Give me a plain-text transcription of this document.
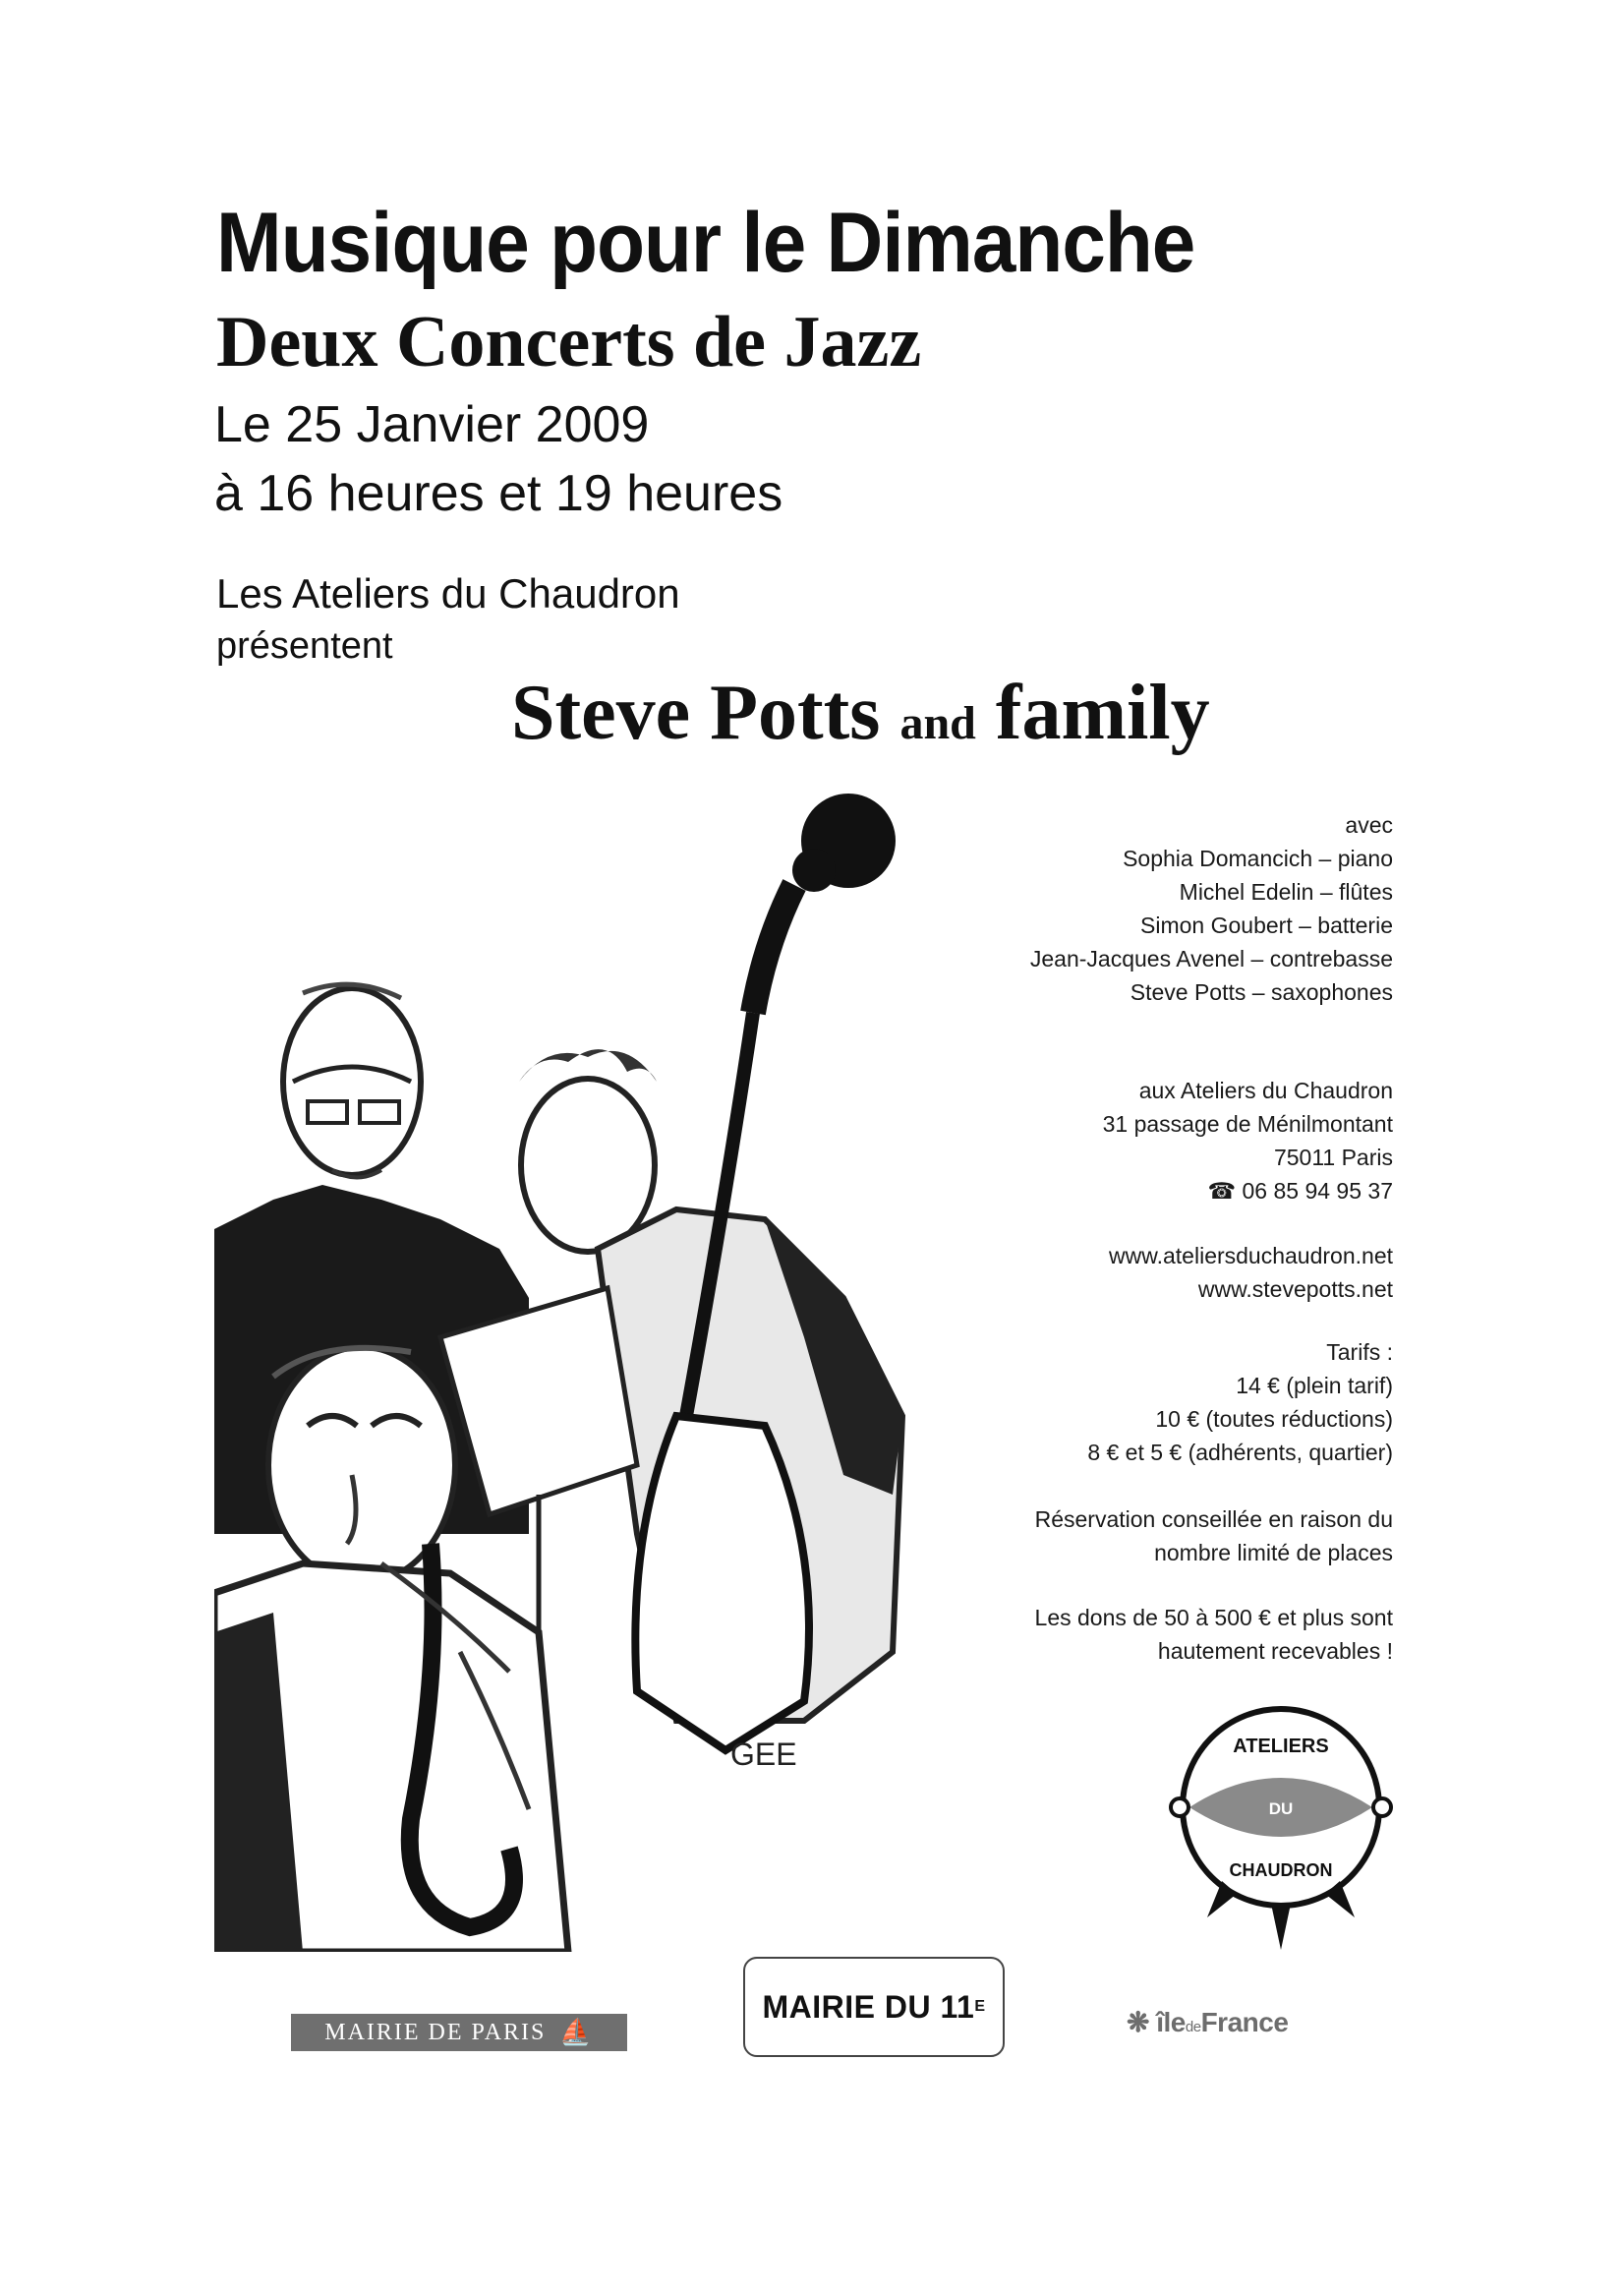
Musique pour le Dimanche
Deux Concerts de Jazz
Le 25 Janvier 2009
à 16 heures et 19 heures
Les Ateliers du Chaudron
présentent
Steve Potts and family
GEE
avec
Sophia Domancich – piano
Michel Edelin – flûtes
Simon Goubert – batterie
Jean-Jacques Avenel – contrebasse
Steve Potts – saxophones
aux Ateliers du Chaudron
31 passage de Ménilmontant
75011 Paris
☎ 06 85 94 95 37
www.ateliersduchaudron.net
www.stevepotts.net
Tarifs :
14 € (plein tarif)
10 € (toutes réductions)
8 € et 5 € (adhérents, quartier)
Réservation conseillée en raison du
nombre limité de places
Les dons de 50 à 500 € et plus sont
hautement recevables !
ATELIERS
DU
CHAUDRON
MAIRIE DE PARIS ⛵
MAIRIE DU 11 E
❋ îledeFrance
